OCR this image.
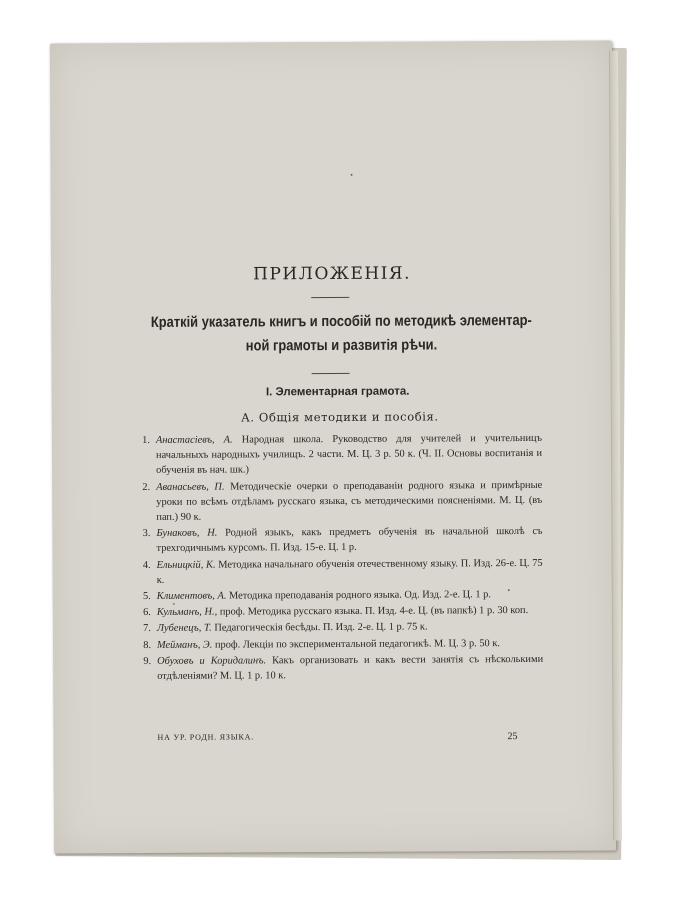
ПРИЛОЖЕНІЯ.
Краткій указатель книгъ и пособій по методикѣ элементар-
ной грамоты и развитія рѣчи.
I. Элементарная грамота.
А. Общія методики и пособія.
1. Анастасіевъ, А. Народная школа. Руководство для учителей и учительницъ начальныхъ народныхъ училищъ. 2 части. М. Ц. 3 р. 50 к. (Ч. II. Основы воспитанія и обученія въ нач. шк.)
2. Аванасьевъ, П. Методическіе очерки о преподаваніи родного языка и примѣрные уроки по всѣмъ отдѣламъ русскаго языка, съ методическими поясненіями. М. Ц. (въ пап.) 90 к.
3. Бунаковъ, Н. Родной языкъ, какъ предметъ обученія въ начальной школѣ съ трехгодичнымъ курсомъ. П. Изд. 15-е. Ц. 1 р.
4. Ельницкій, К. Методика начальнаго обученія отечественному языку. П. Изд. 26-е. Ц. 75 к.
5. Климентовъ, А. Методика преподаванія родного языка. Од. Изд. 2-е. Ц. 1 р.
6. Кульманъ, Н., проф. Методика русскаго языка. П. Изд. 4-е. Ц. (въ папкѣ) 1 р. 30 коп.
7. Лубенецъ, Т. Педагогическія бесѣды. П. Изд. 2-е. Ц. 1 р. 75 к.
8. Мейманъ, Э. проф. Лекціи по экспериментальной педагогикѣ. М. Ц. 3 р. 50 к.
9. Обуховъ и Коридалинъ. Какъ организовать и какъ вести занятія съ нѣсколькими отдѣленіями? М. Ц. 1 р. 10 к.
НА УР. РОДН. ЯЗЫКА.	25
